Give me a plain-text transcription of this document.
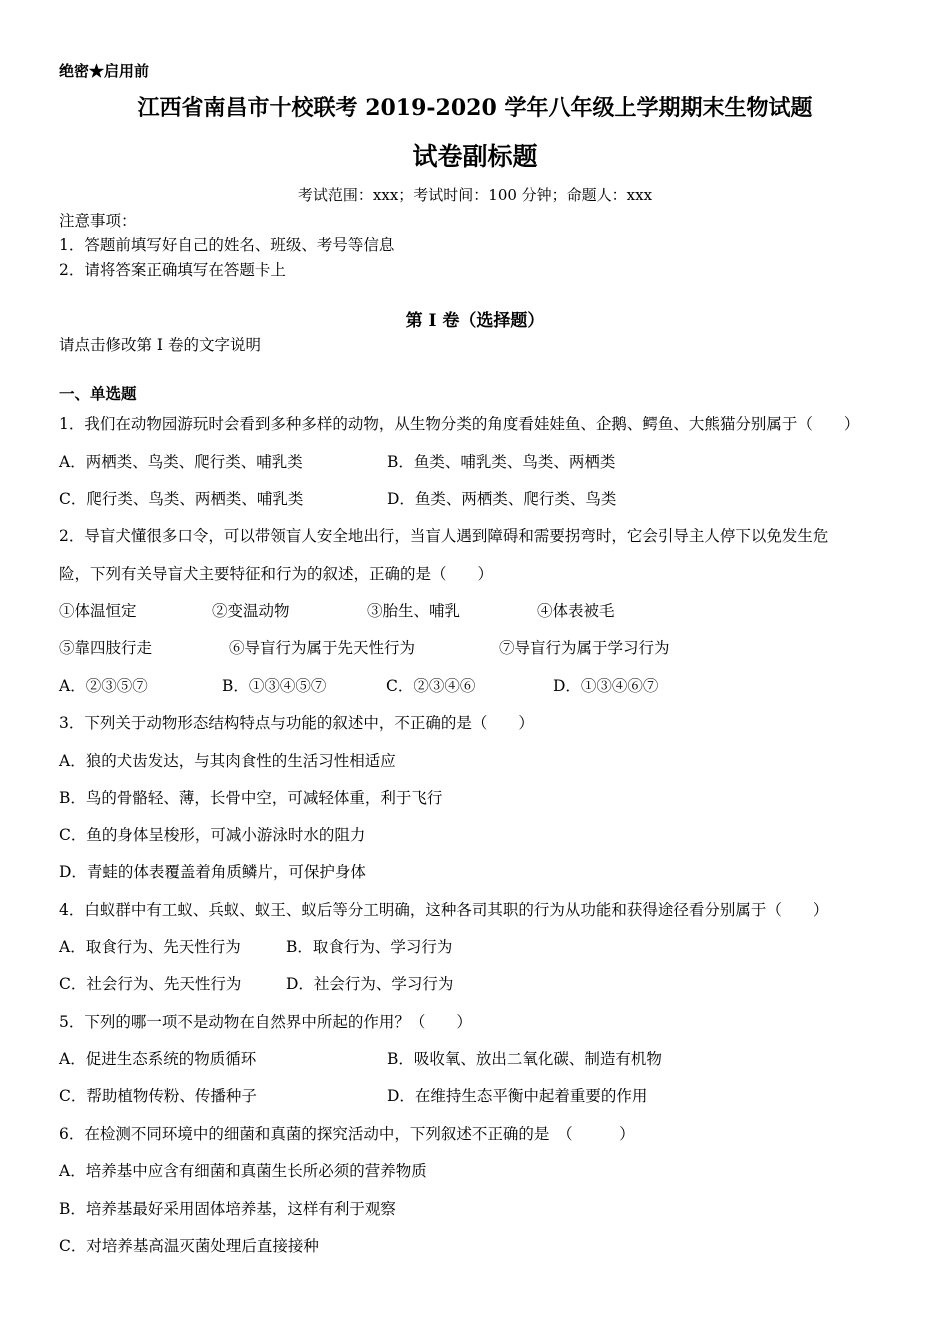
绝密★启用前
江西省南昌市十校联考 2019-2020 学年八年级上学期期末生物试题
试卷副标题
考试范围：xxx；考试时间：100 分钟；命题人：xxx
注意事项：
1．答题前填写好自己的姓名、班级、考号等信息
2．请将答案正确填写在答题卡上
第 I 卷（选择题）
请点击修改第 I 卷的文字说明
一、单选题
1．我们在动物园游玩时会看到多种多样的动物，从生物分类的角度看娃娃鱼、企鹅、鳄鱼、大熊猫分别属于（　　）
A．两栖类、鸟类、爬行类、哺乳类	B．鱼类、哺乳类、鸟类、两栖类
C．爬行类、鸟类、两栖类、哺乳类	D．鱼类、两栖类、爬行类、鸟类
2．导盲犬懂很多口令，可以带领盲人安全地出行，当盲人遇到障碍和需要拐弯时，它会引导主人停下以免发生危
险，下列有关导盲犬主要特征和行为的叙述，正确的是（　　）
①体温恒定	②变温动物	③胎生、哺乳	④体表被毛
⑤靠四肢行走	⑥导盲行为属于先天性行为	⑦导盲行为属于学习行为
A．②③⑤⑦	B．①③④⑤⑦	C．②③④⑥	D．①③④⑥⑦
3．下列关于动物形态结构特点与功能的叙述中，不正确的是（　　）
A．狼的犬齿发达，与其肉食性的生活习性相适应
B．鸟的骨骼轻、薄，长骨中空，可减轻体重，利于飞行
C．鱼的身体呈梭形，可减小游泳时水的阻力
D．青蛙的体表覆盖着角质鳞片，可保护身体
4．白蚁群中有工蚁、兵蚁、蚁王、蚁后等分工明确，这种各司其职的行为从功能和获得途径看分别属于（　　）
A．取食行为、先天性行为	B．取食行为、学习行为
C．社会行为、先天性行为	D．社会行为、学习行为
5．下列的哪一项不是动物在自然界中所起的作用？（　　）
A．促进生态系统的物质循环	B．吸收氧、放出二氧化碳、制造有机物
C．帮助植物传粉、传播种子	D．在维持生态平衡中起着重要的作用
6．在检测不同环境中的细菌和真菌的探究活动中，下列叙述不正确的是　（　　　）
A．培养基中应含有细菌和真菌生长所必须的营养物质
B．培养基最好采用固体培养基，这样有利于观察
C．对培养基高温灭菌处理后直接接种
